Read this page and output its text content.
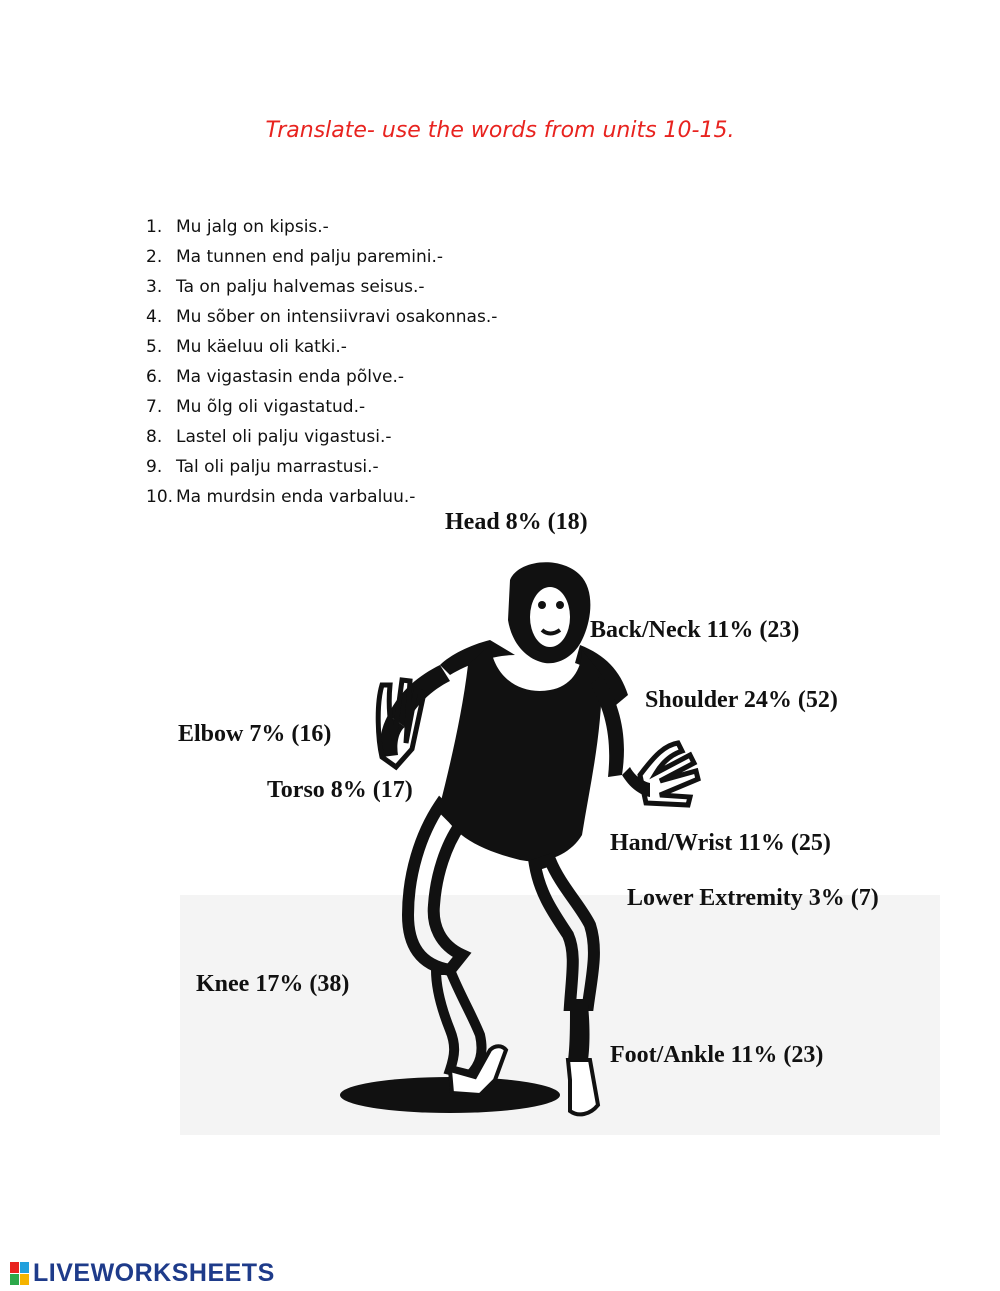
Translate- use the words from units 10-15.
1. Mu jalg on kipsis.-
2. Ma tunnen end palju paremini.-
3. Ta on palju halvemas seisus.-
4. Mu sõber on intensiivravi osakonnas.-
5. Mu käeluu oli katki.-
6. Ma vigastasin enda põlve.-
7. Mu õlg oli vigastatud.-
8. Lastel oli palju vigastusi.-
9. Tal oli palju marrastusi.-
10. Ma murdsin enda varbaluu.-
Head 8% (18)
Back/Neck 11% (23)
Shoulder 24% (52)
Elbow 7% (16)
Torso 8% (17)
Hand/Wrist 11% (25)
Lower Extremity 3% (7)
Knee 17% (38)
Foot/Ankle 11% (23)
LIVEWORKSHEETS
